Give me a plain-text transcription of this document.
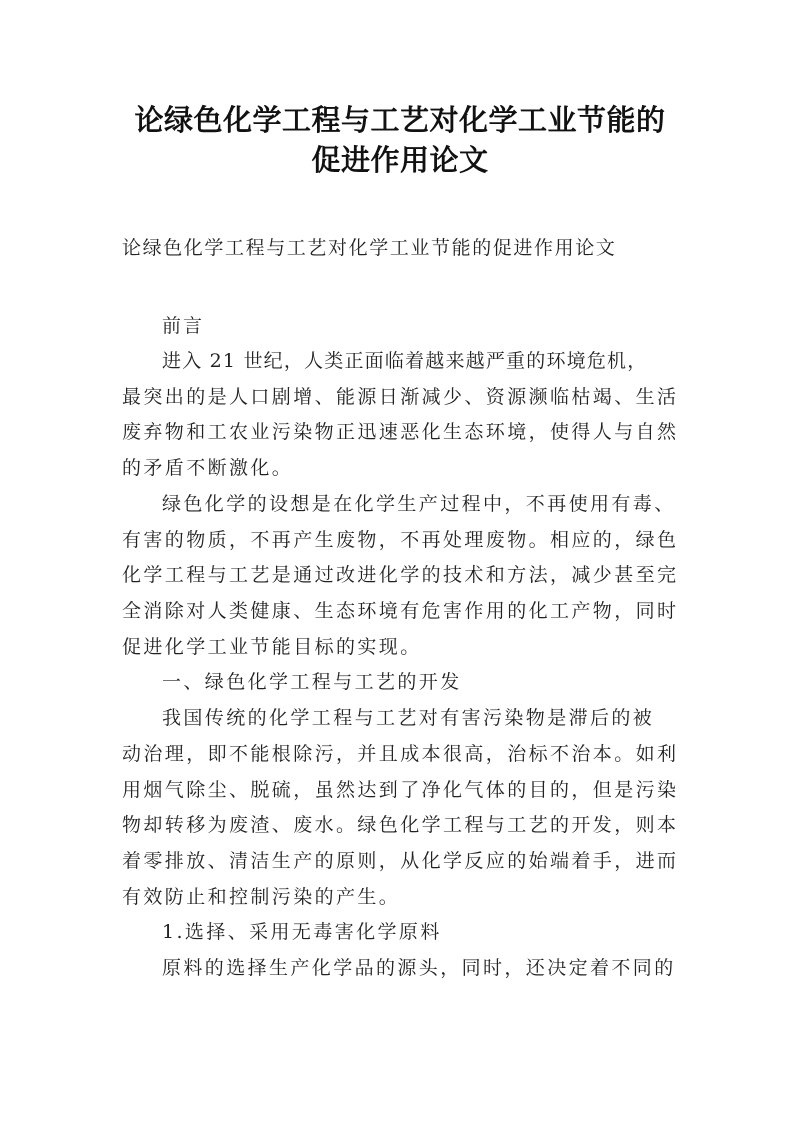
论绿色化学工程与工艺对化学工业节能的
促进作用论文
论绿色化学工程与工艺对化学工业节能的促进作用论文
前言
进入 21 世纪，人类正面临着越来越严重的环境危机，
最突出的是人口剧增、能源日渐减少、资源濒临枯竭、生活
废弃物和工农业污染物正迅速恶化生态环境，使得人与自然
的矛盾不断激化。
绿色化学的设想是在化学生产过程中，不再使用有毒、
有害的物质，不再产生废物，不再处理废物。相应的，绿色
化学工程与工艺是通过改进化学的技术和方法，减少甚至完
全消除对人类健康、生态环境有危害作用的化工产物，同时
促进化学工业节能目标的实现。
一、绿色化学工程与工艺的开发
我国传统的化学工程与工艺对有害污染物是滞后的被
动治理，即不能根除污，并且成本很高，治标不治本。如利
用烟气除尘、脱硫，虽然达到了净化气体的目的，但是污染
物却转移为废渣、废水。绿色化学工程与工艺的开发，则本
着零排放、清洁生产的原则，从化学反应的始端着手，进而
有效防止和控制污染的产生。
1.选择、采用无毒害化学原料
原料的选择生产化学品的源头，同时，还决定着不同的
